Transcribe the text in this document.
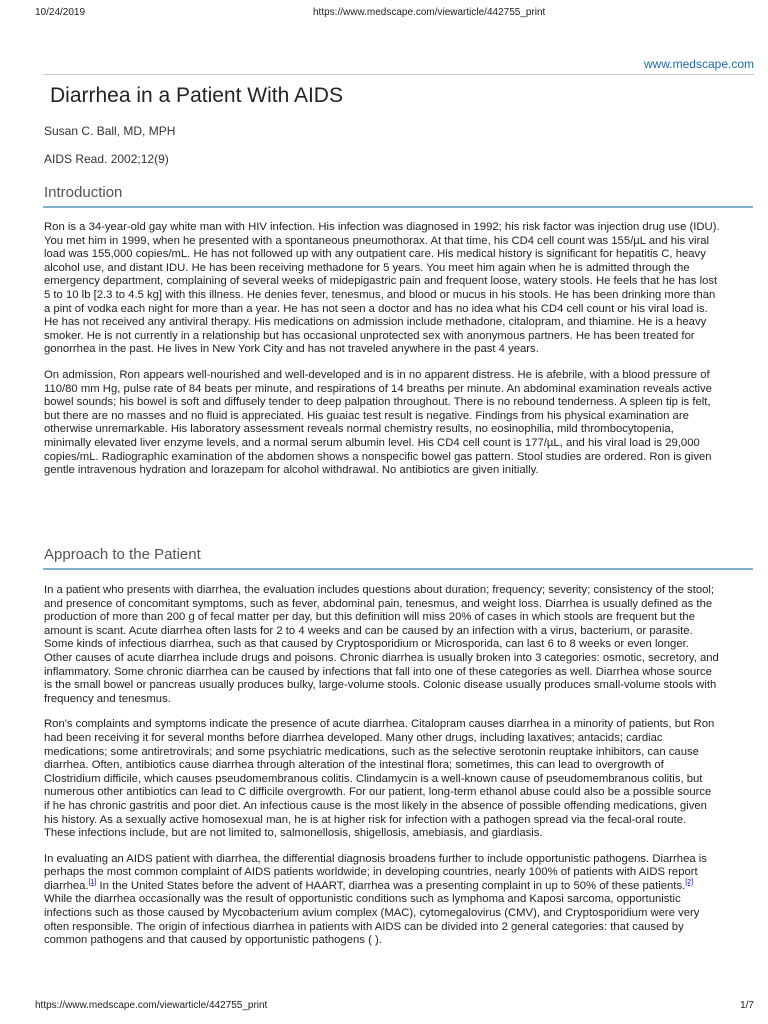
10/24/2019	https://www.medscape.com/viewarticle/442755_print
www.medscape.com
Diarrhea in a Patient With AIDS
Susan C. Ball, MD, MPH
AIDS Read. 2002;12(9)
Introduction

Ron is a 34-year-old gay white man with HIV infection. His infection was diagnosed in 1992; his risk factor was injection drug use (IDU). You met him in 1999, when he presented with a spontaneous pneumothorax. At that time, his CD4 cell count was 155/µL and his viral load was 155,000 copies/mL. He has not followed up with any outpatient care. His medical history is significant for hepatitis C, heavy alcohol use, and distant IDU. He has been receiving methadone for 5 years. You meet him again when he is admitted through the emergency department, complaining of several weeks of midepigastric pain and frequent loose, watery stools. He feels that he has lost 5 to 10 lb [2.3 to 4.5 kg] with this illness. He denies fever, tenesmus, and blood or mucus in his stools. He has been drinking more than a pint of vodka each night for more than a year. He has not seen a doctor and has no idea what his CD4 cell count or his viral load is. He has not received any antiviral therapy. His medications on admission include methadone, citalopram, and thiamine. He is a heavy smoker. He is not currently in a relationship but has occasional unprotected sex with anonymous partners. He has been treated for gonorrhea in the past. He lives in New York City and has not traveled anywhere in the past 4 years.

On admission, Ron appears well-nourished and well-developed and is in no apparent distress. He is afebrile, with a blood pressure of 110/80 mm Hg, pulse rate of 84 beats per minute, and respirations of 14 breaths per minute. An abdominal examination reveals active bowel sounds; his bowel is soft and diffusely tender to deep palpation throughout. There is no rebound tenderness. A spleen tip is felt, but there are no masses and no fluid is appreciated. His guaiac test result is negative. Findings from his physical examination are otherwise unremarkable. His laboratory assessment reveals normal chemistry results, no eosinophilia, mild thrombocytopenia, minimally elevated liver enzyme levels, and a normal serum albumin level. His CD4 cell count is 177/µL, and his viral load is 29,000 copies/mL. Radiographic examination of the abdomen shows a nonspecific bowel gas pattern. Stool studies are ordered. Ron is given gentle intravenous hydration and lorazepam for alcohol withdrawal. No antibiotics are given initially.

Approach to the Patient

In a patient who presents with diarrhea, the evaluation includes questions about duration; frequency; severity; consistency of the stool; and presence of concomitant symptoms, such as fever, abdominal pain, tenesmus, and weight loss. Diarrhea is usually defined as the production of more than 200 g of fecal matter per day, but this definition will miss 20% of cases in which stools are frequent but the amount is scant. Acute diarrhea often lasts for 2 to 4 weeks and can be caused by an infection with a virus, bacterium, or parasite. Some kinds of infectious diarrhea, such as that caused by Cryptosporidium or Microsporida, can last 6 to 8 weeks or even longer. Other causes of acute diarrhea include drugs and poisons. Chronic diarrhea is usually broken into 3 categories: osmotic, secretory, and inflammatory. Some chronic diarrhea can be caused by infections that fall into one of these categories as well. Diarrhea whose source is the small bowel or pancreas usually produces bulky, large-volume stools. Colonic disease usually produces small-volume stools with frequency and tenesmus.

Ron's complaints and symptoms indicate the presence of acute diarrhea. Citalopram causes diarrhea in a minority of patients, but Ron had been receiving it for several months before diarrhea developed. Many other drugs, including laxatives; antacids; cardiac medications; some antiretrovirals; and some psychiatric medications, such as the selective serotonin reuptake inhibitors, can cause diarrhea. Often, antibiotics cause diarrhea through alteration of the intestinal flora; sometimes, this can lead to overgrowth of Clostridium difficile, which causes pseudomembranous colitis. Clindamycin is a well-known cause of pseudomembranous colitis, but numerous other antibiotics can lead to C difficile overgrowth. For our patient, long-term ethanol abuse could also be a possible source if he has chronic gastritis and poor diet. An infectious cause is the most likely in the absence of possible offending medications, given his history. As a sexually active homosexual man, he is at higher risk for infection with a pathogen spread via the fecal-oral route. These infections include, but are not limited to, salmonellosis, shigellosis, amebiasis, and giardiasis.

In evaluating an AIDS patient with diarrhea, the differential diagnosis broadens further to include opportunistic pathogens. Diarrhea is perhaps the most common complaint of AIDS patients worldwide; in developing countries, nearly 100% of patients with AIDS report diarrhea.[1] In the United States before the advent of HAART, diarrhea was a presenting complaint in up to 50% of these patients.[2] While the diarrhea occasionally was the result of opportunistic conditions such as lymphoma and Kaposi sarcoma, opportunistic infections such as those caused by Mycobacterium avium complex (MAC), cytomegalovirus (CMV), and Cryptosporidium were very often responsible. The origin of infectious diarrhea in patients with AIDS can be divided into 2 general categories: that caused by common pathogens and that caused by opportunistic pathogens ( ).

https://www.medscape.com/viewarticle/442755_print	1/7
